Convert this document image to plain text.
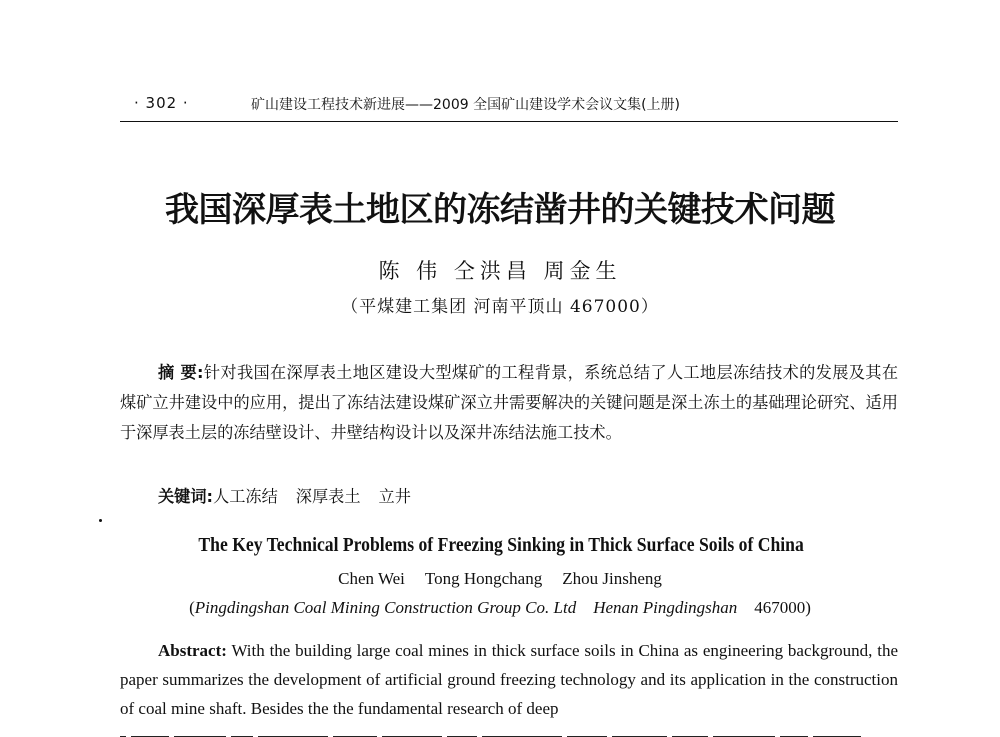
· 302 ·	矿山建设工程技术新进展——2009 全国矿山建设学术会议文集(上册)
我国深厚表土地区的冻结凿井的关键技术问题
陈 伟 仝洪昌 周金生
（平煤建工集团 河南平顶山 467000）
摘 要:针对我国在深厚表土地区建设大型煤矿的工程背景，系统总结了人工地层冻结技术的发展及其在煤矿立井建设中的应用，提出了冻结法建设煤矿深立井需要解决的关键问题是深土冻土的基础理论研究、适用于深厚表土层的冻结壁设计、井壁结构设计以及深井冻结法施工技术。
关键词:人工冻结 深厚表土 立井
The Key Technical Problems of Freezing Sinking in Thick Surface Soils of China
Chen Wei Tong Hongchang Zhou Jinsheng
(Pingdingshan Coal Mining Construction Group Co. Ltd Henan Pingdingshan 467000)
Abstract: With the building large coal mines in thick surface soils in China as engineering background, the paper summarizes the development of artificial ground freezing technology and its application in the construction of coal mine shaft. Besides the the fundamental research of deep
